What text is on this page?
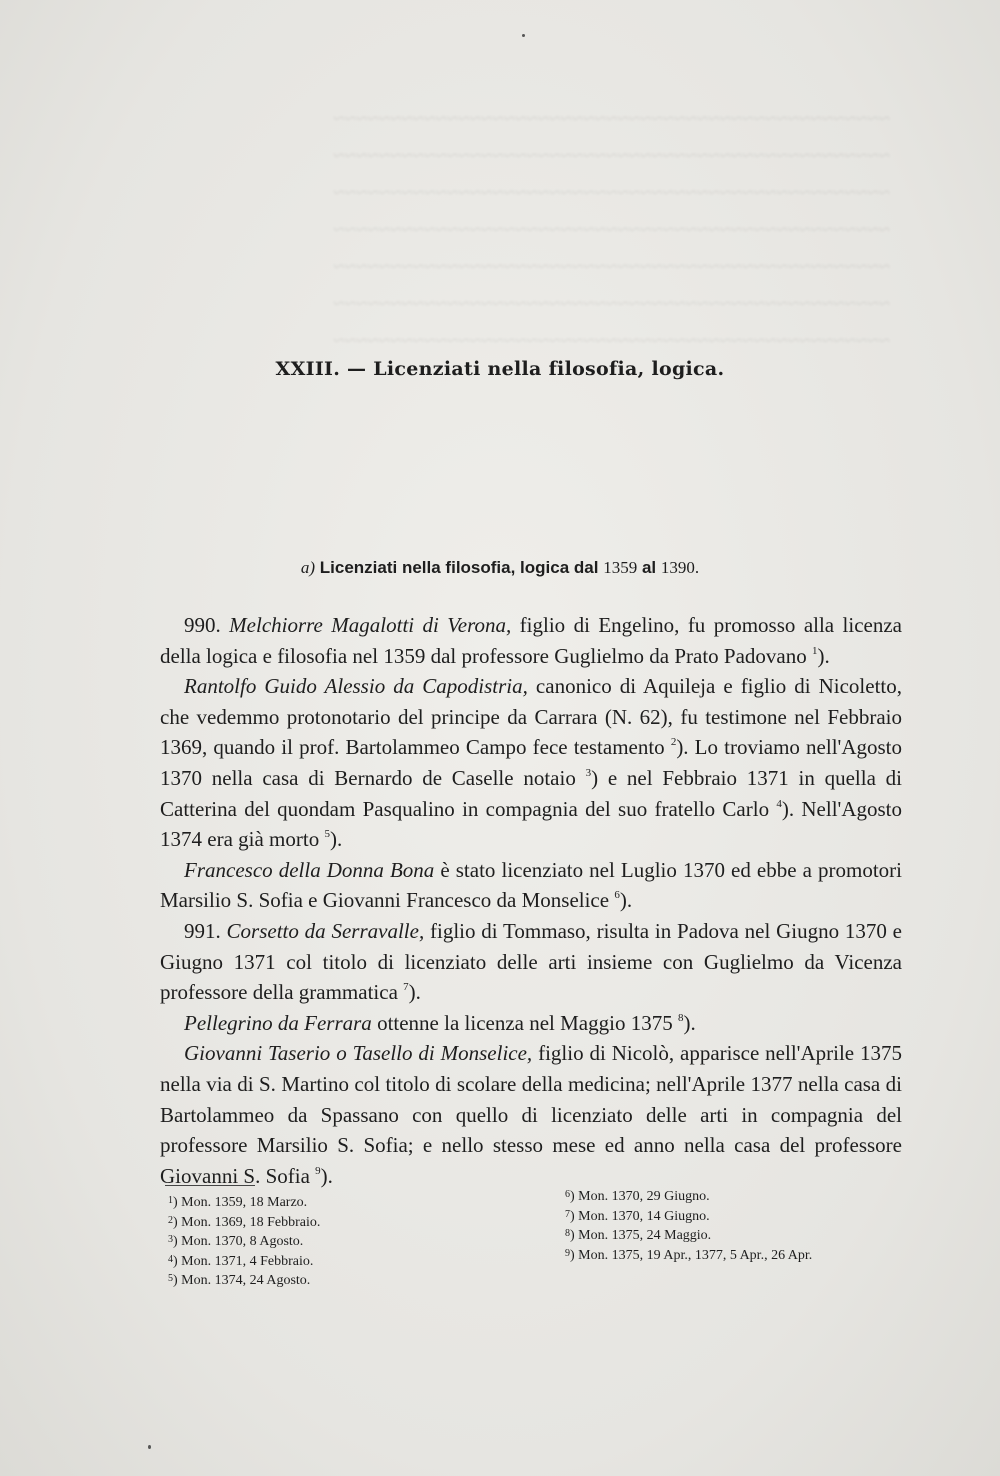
~~~~~~~~~~~~~~~~~~~~~~~~~~~~~~~~~~~~~~~~~~~~~~~~~
~~~~~~~~~~~~~~~~~~~~~~~~~~~~~~~~~~~~~~~~~~~~~~~~~
~~~~~~~~~~~~~~~~~~~~~~~~~~~~~~~~~~~~~~~~~~~~~~~~~
~~~~~~~~~~~~~~~~~~~~~~~~~~~~~~~~~~~~~~~~~~~~~~~~~
~~~~~~~~~~~~~~~~~~~~~~~~~~~~~~~~~~~~~~~~~~~~~~~~~
~~~~~~~~~~~~~~~~~~~~~~~~~~~~~~~~~~~~~~~~~~~~~~~~~
~~~~~~~~~~~~~~~~~~~~~~~~~~~~~~~~~~~~~~~~~~~~~~~~~
XXIII. — Licenziati nella filosofia, logica.
a) Licenziati nella filosofia, logica dal 1359 al 1390.

990. Melchiorre Magalotti di Verona, figlio di Engelino, fu promosso alla licenza della logica e filosofia nel 1359 dal professore Guglielmo da Prato Padovano $^1$).

Rantolfo Guido Alessio da Capodistria, canonico di Aquileja e figlio di Nicoletto, che vedemmo protonotario del principe da Carrara (N. 62), fu testimone nel Febbraio 1369, quando il prof. Bartolammeo Campo fece testamento $^2$). Lo troviamo nell'Agosto 1370 nella casa di Bernardo de Caselle notaio $^3$) e nel Febbraio 1371 in quella di Catterina del quondam Pasqualino in compagnia del suo fratello Carlo $^4$). Nell'Agosto 1374 era già morto $^5$).

Francesco della Donna Bona è stato licenziato nel Luglio 1370 ed ebbe a promotori Marsilio S. Sofia e Giovanni Francesco da Monselice $^6$).

991. Corsetto da Serravalle, figlio di Tommaso, risulta in Padova nel Giugno 1370 e Giugno 1371 col titolo di licenziato delle arti insieme con Guglielmo da Vicenza professore della grammatica $^7$).

Pellegrino da Ferrara ottenne la licenza nel Maggio 1375 $^8$).

Giovanni Taserio o Tasello di Monselice, figlio di Nicolò, apparisce nell'Aprile 1375 nella via di S. Martino col titolo di scolare della medicina; nell'Aprile 1377 nella casa di Bartolammeo da Spassano con quello di licenziato delle arti in compagnia del professore Marsilio S. Sofia; e nello stesso mese ed anno nella casa del professore Giovanni S. Sofia $^9$).

$^1$) Mon. 1359, 18 Marzo.
$^2$) Mon. 1369, 18 Febbraio.
$^3$) Mon. 1370, 8 Agosto.
$^4$) Mon. 1371, 4 Febbraio.
$^5$) Mon. 1374, 24 Agosto.
$^6$) Mon. 1370, 29 Giugno.
$^7$) Mon. 1370, 14 Giugno.
$^8$) Mon. 1375, 24 Maggio.
$^9$) Mon. 1375, 19 Apr., 1377, 5 Apr., 26 Apr.
